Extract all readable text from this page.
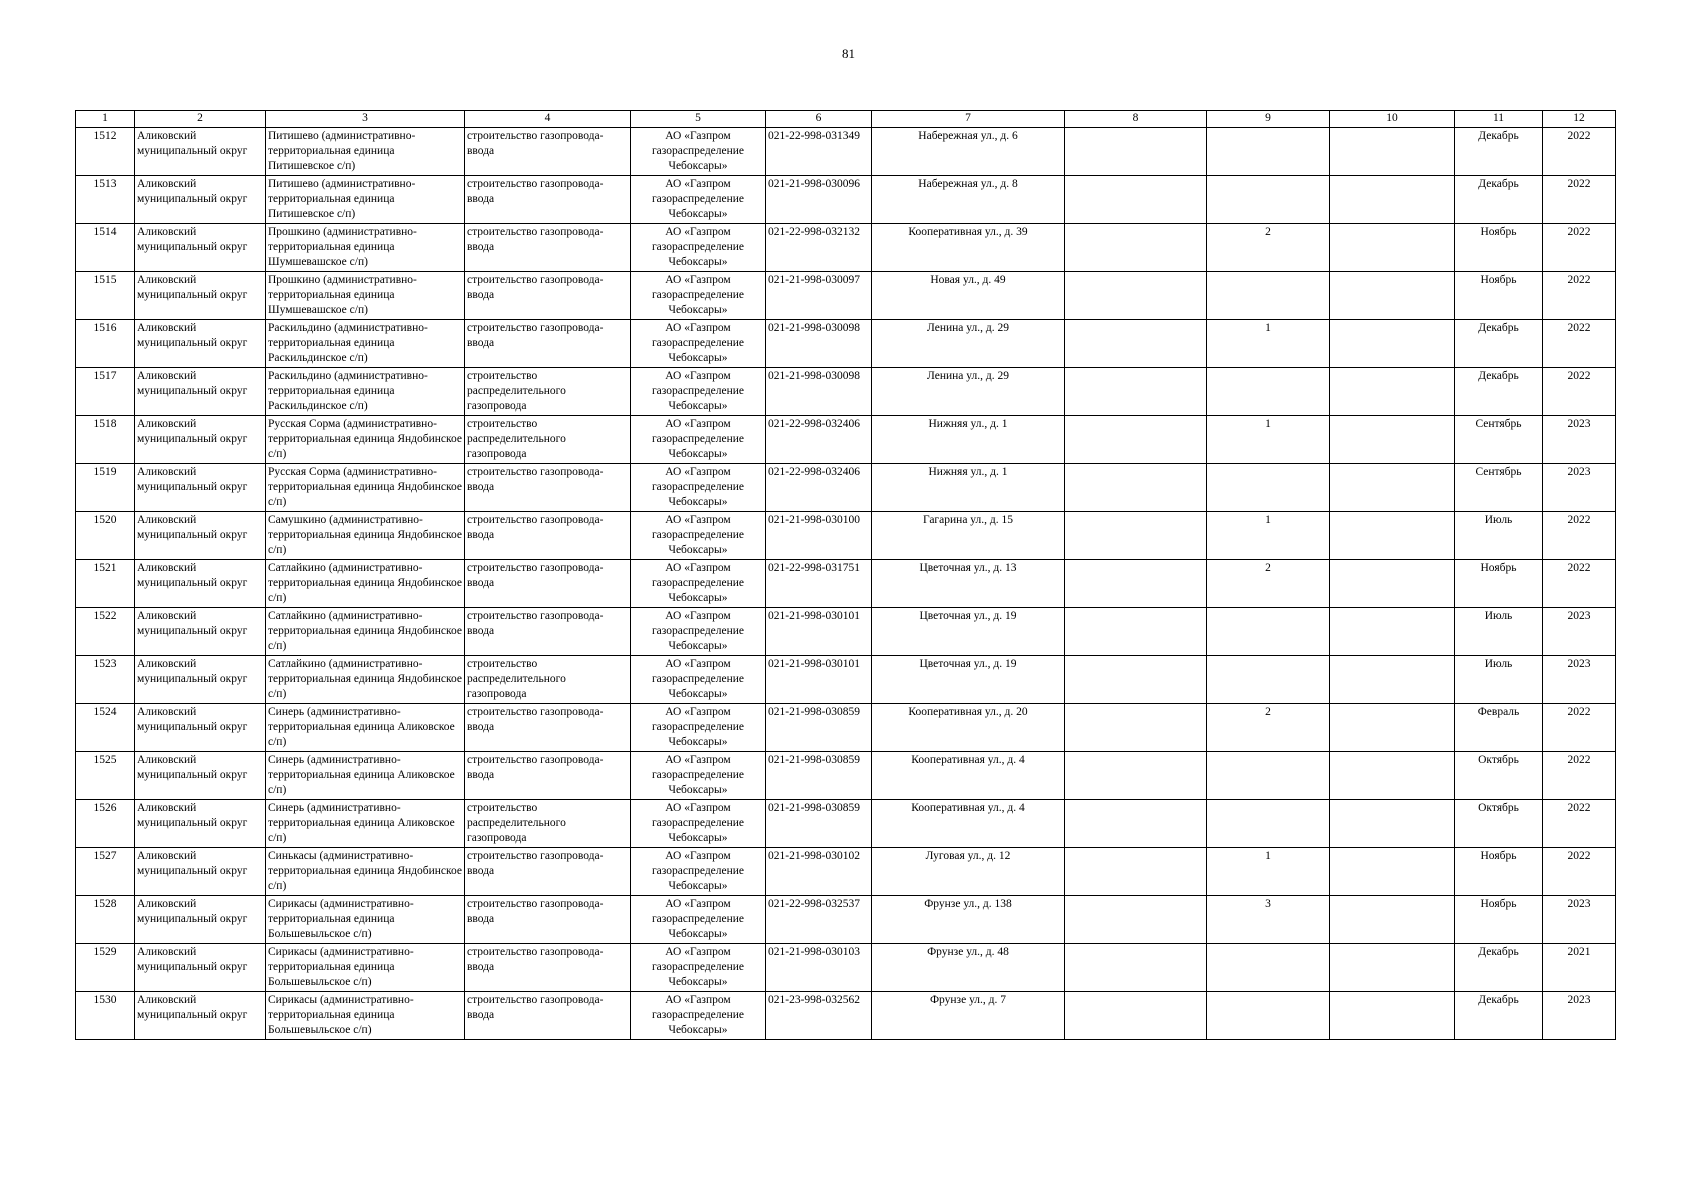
81
1	2	3	4	5	6	7	8	9	10	11	12
1512	Аликовский муниципальный округ	Питишево (административно-территориальная единица Питишевское с/п)	строительство газопровода-ввода	АО «Газпром газораспределение Чебоксары»	021-22-998-031349	Набережная ул., д. 6				Декабрь	2022
1513	Аликовский муниципальный округ	Питишево (административно-территориальная единица Питишевское с/п)	строительство газопровода-ввода	АО «Газпром газораспределение Чебоксары»	021-21-998-030096	Набережная ул., д. 8				Декабрь	2022
1514	Аликовский муниципальный округ	Прошкино (административно-территориальная единица Шумшевашское с/п)	строительство газопровода-ввода	АО «Газпром газораспределение Чебоксары»	021-22-998-032132	Кооперативная ул., д. 39		2		Ноябрь	2022
1515	Аликовский муниципальный округ	Прошкино (административно-территориальная единица Шумшевашское с/п)	строительство газопровода-ввода	АО «Газпром газораспределение Чебоксары»	021-21-998-030097	Новая ул., д. 49				Ноябрь	2022
1516	Аликовский муниципальный округ	Раскильдино (административно-территориальная единица Раскильдинское с/п)	строительство газопровода-ввода	АО «Газпром газораспределение Чебоксары»	021-21-998-030098	Ленина ул., д. 29		1		Декабрь	2022
1517	Аликовский муниципальный округ	Раскильдино (административно-территориальная единица Раскильдинское с/п)	строительство распределительного газопровода	АО «Газпром газораспределение Чебоксары»	021-21-998-030098	Ленина ул., д. 29				Декабрь	2022
1518	Аликовский муниципальный округ	Русская Сорма (административно-территориальная единица Яндобинское с/п)	строительство распределительного газопровода	АО «Газпром газораспределение Чебоксары»	021-22-998-032406	Нижняя ул., д. 1		1		Сентябрь	2023
1519	Аликовский муниципальный округ	Русская Сорма (административно-территориальная единица Яндобинское с/п)	строительство газопровода-ввода	АО «Газпром газораспределение Чебоксары»	021-22-998-032406	Нижняя ул., д. 1				Сентябрь	2023
1520	Аликовский муниципальный округ	Самушкино (административно-территориальная единица Яндобинское с/п)	строительство газопровода-ввода	АО «Газпром газораспределение Чебоксары»	021-21-998-030100	Гагарина ул., д. 15		1		Июль	2022
1521	Аликовский муниципальный округ	Сатлайкино (административно-территориальная единица Яндобинское с/п)	строительство газопровода-ввода	АО «Газпром газораспределение Чебоксары»	021-22-998-031751	Цветочная ул., д. 13		2		Ноябрь	2022
1522	Аликовский муниципальный округ	Сатлайкино (административно-территориальная единица Яндобинское с/п)	строительство газопровода-ввода	АО «Газпром газораспределение Чебоксары»	021-21-998-030101	Цветочная ул., д. 19				Июль	2023
1523	Аликовский муниципальный округ	Сатлайкино (административно-территориальная единица Яндобинское с/п)	строительство распределительного газопровода	АО «Газпром газораспределение Чебоксары»	021-21-998-030101	Цветочная ул., д. 19				Июль	2023
1524	Аликовский муниципальный округ	Синерь (административно-территориальная единица Аликовское с/п)	строительство газопровода-ввода	АО «Газпром газораспределение Чебоксары»	021-21-998-030859	Кооперативная ул., д. 20		2		Февраль	2022
1525	Аликовский муниципальный округ	Синерь (административно-территориальная единица Аликовское с/п)	строительство газопровода-ввода	АО «Газпром газораспределение Чебоксары»	021-21-998-030859	Кооперативная ул., д. 4				Октябрь	2022
1526	Аликовский муниципальный округ	Синерь (административно-территориальная единица Аликовское с/п)	строительство распределительного газопровода	АО «Газпром газораспределение Чебоксары»	021-21-998-030859	Кооперативная ул., д. 4				Октябрь	2022
1527	Аликовский муниципальный округ	Синькасы (административно-территориальная единица Яндобинское с/п)	строительство газопровода-ввода	АО «Газпром газораспределение Чебоксары»	021-21-998-030102	Луговая ул., д. 12		1		Ноябрь	2022
1528	Аликовский муниципальный округ	Сирикасы (административно-территориальная единица Большевыльское с/п)	строительство газопровода-ввода	АО «Газпром газораспределение Чебоксары»	021-22-998-032537	Фрунзе ул., д. 138		3		Ноябрь	2023
1529	Аликовский муниципальный округ	Сирикасы (административно-территориальная единица Большевыльское с/п)	строительство газопровода-ввода	АО «Газпром газораспределение Чебоксары»	021-21-998-030103	Фрунзе ул., д. 48				Декабрь	2021
1530	Аликовский муниципальный округ	Сирикасы (административно-территориальная единица Большевыльское с/п)	строительство газопровода-ввода	АО «Газпром газораспределение Чебоксары»	021-23-998-032562	Фрунзе ул., д. 7				Декабрь	2023
